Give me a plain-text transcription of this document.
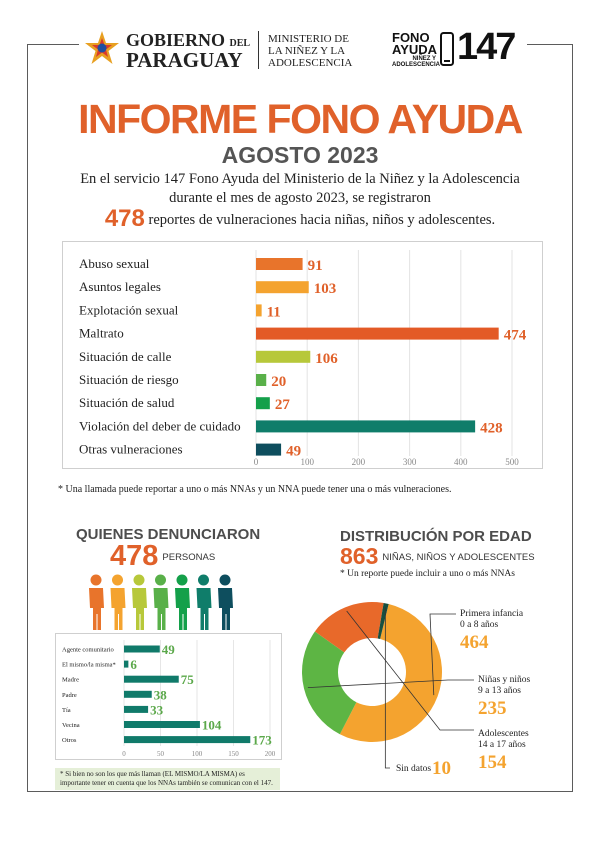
GOBIERNO DEL
PARAGUAY
MINISTERIO DE
LA NIÑEZ Y LA
ADOLESCENCIA
FONO
AYUDA
NIÑEZ Y
ADOLESCENCIA 147
INFORME FONO AYUDA
AGOSTO 2023
En el servicio 147 Fono Ayuda del Ministerio de la Niñez y la Adolescencia
durante el mes de agosto 2023, se registraron
478 reportes de vulneraciones hacia niñas, niños y adolescentes.
0	100	200	300	400	500
Abuso sexual	91
Asuntos legales	103
Explotación sexual	11
Maltrato	474
Situación de calle	106
Situación de riesgo	20
Situación de salud	27
Violación del deber de cuidado	428
Otras vulneraciones	49
* Una llamada puede reportar a uno o más NNAs y un NNA puede tener una o más vulneraciones.
QUIENES DENUNCIARON
478 $^{PERSONAS}$
0	50	100	150	200
Agente comunitario	49
El mismo/la misma* 6
Madre	75
Padre	38
Tía	33
Vecina	104
Otros	173
* Si bien no son los que más llaman (EL MISMO/LA MISMA) es importante tener en cuenta que los NNAs también se comunican con el 147.
DISTRIBUCIÓN POR EDAD
863 $^{NIÑAS, NIÑOS Y ADOLESCENTES}$
* Un reporte puede incluir a uno o más NNAs
Primera infancia
0 a 8 años
464
Niñas y niños
9 a 13 años
235
Adolescentes
14 a 17 años
154
Sin datos 10
